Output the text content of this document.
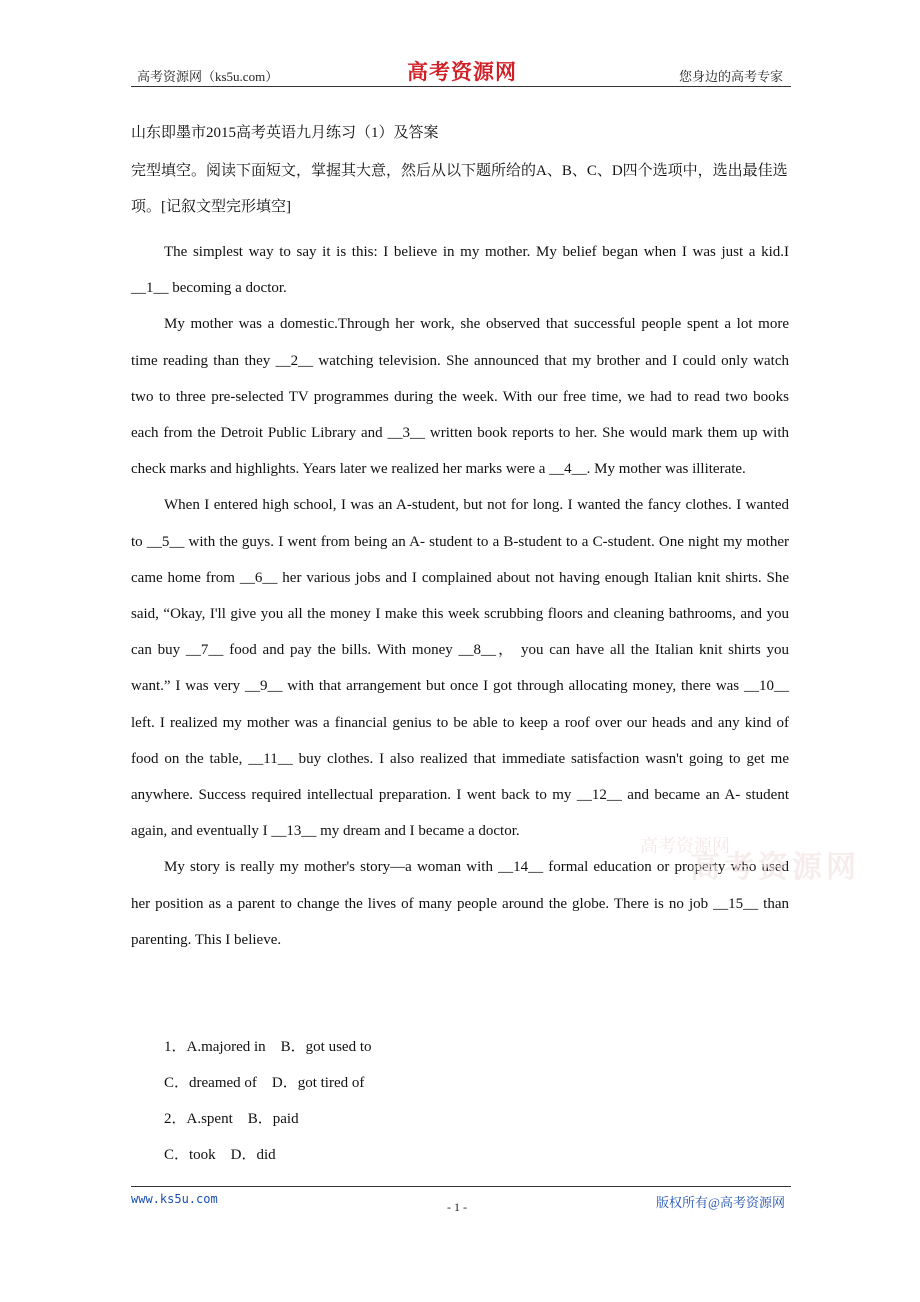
高考资源网（ks5u.com）	高考资源网	您身边的高考专家
山东即墨市2015高考英语九月练习（1）及答案
完型填空。阅读下面短文，掌握其大意，然后从以下题所给的A、B、C、D四个选项中，选出最佳选项。[记叙文型完形填空]

The simplest way to say it is this: I believe in my mother. My belief began when I was just a kid.I __1__ becoming a doctor.

My mother was a domestic.Through her work, she observed that successful people spent a lot more time reading than they __2__ watching television. She announced that my brother and I could only watch two to three pre-selected TV programmes during the week. With our free time, we had to read two books each from the Detroit Public Library and __3__ written book reports to her. She would mark them up with check marks and highlights. Years later we realized her marks were a __4__. My mother was illiterate.

When I entered high school, I was an A-student, but not for long. I wanted the fancy clothes. I wanted to __5__ with the guys. I went from being an A- student to a B-student to a C-student. One night my mother came home from __6__ her various jobs and I complained about not having enough Italian knit shirts. She said, “Okay, I'll give you all the money I make this week scrubbing floors and cleaning bathrooms, and you can buy __7__ food and pay the bills. With money __8__， you can have all the Italian knit shirts you want.” I was very __9__ with that arrangement but once I got through allocating money, there was __10__ left. I realized my mother was a financial genius to be able to keep a roof over our heads and any kind of food on the table, __11__ buy clothes. I also realized that immediate satisfaction wasn't going to get me anywhere. Success required intellectual preparation. I went back to my __12__ and became an A- student again, and eventually I __13__ my dream and I became a doctor.

My story is really my mother's story—a woman with __14__ formal education or property who used her position as a parent to change the lives of many people around the globe. There is no job __15__ than parenting. This I believe.

高考资源网
高考资源网
1．A.majored in    B．got used to
C．dreamed of    D．got tired of
2．A.spent    B．paid
C．took    D．did
www.ks5u.com
- 1 -	版权所有@高考资源网
